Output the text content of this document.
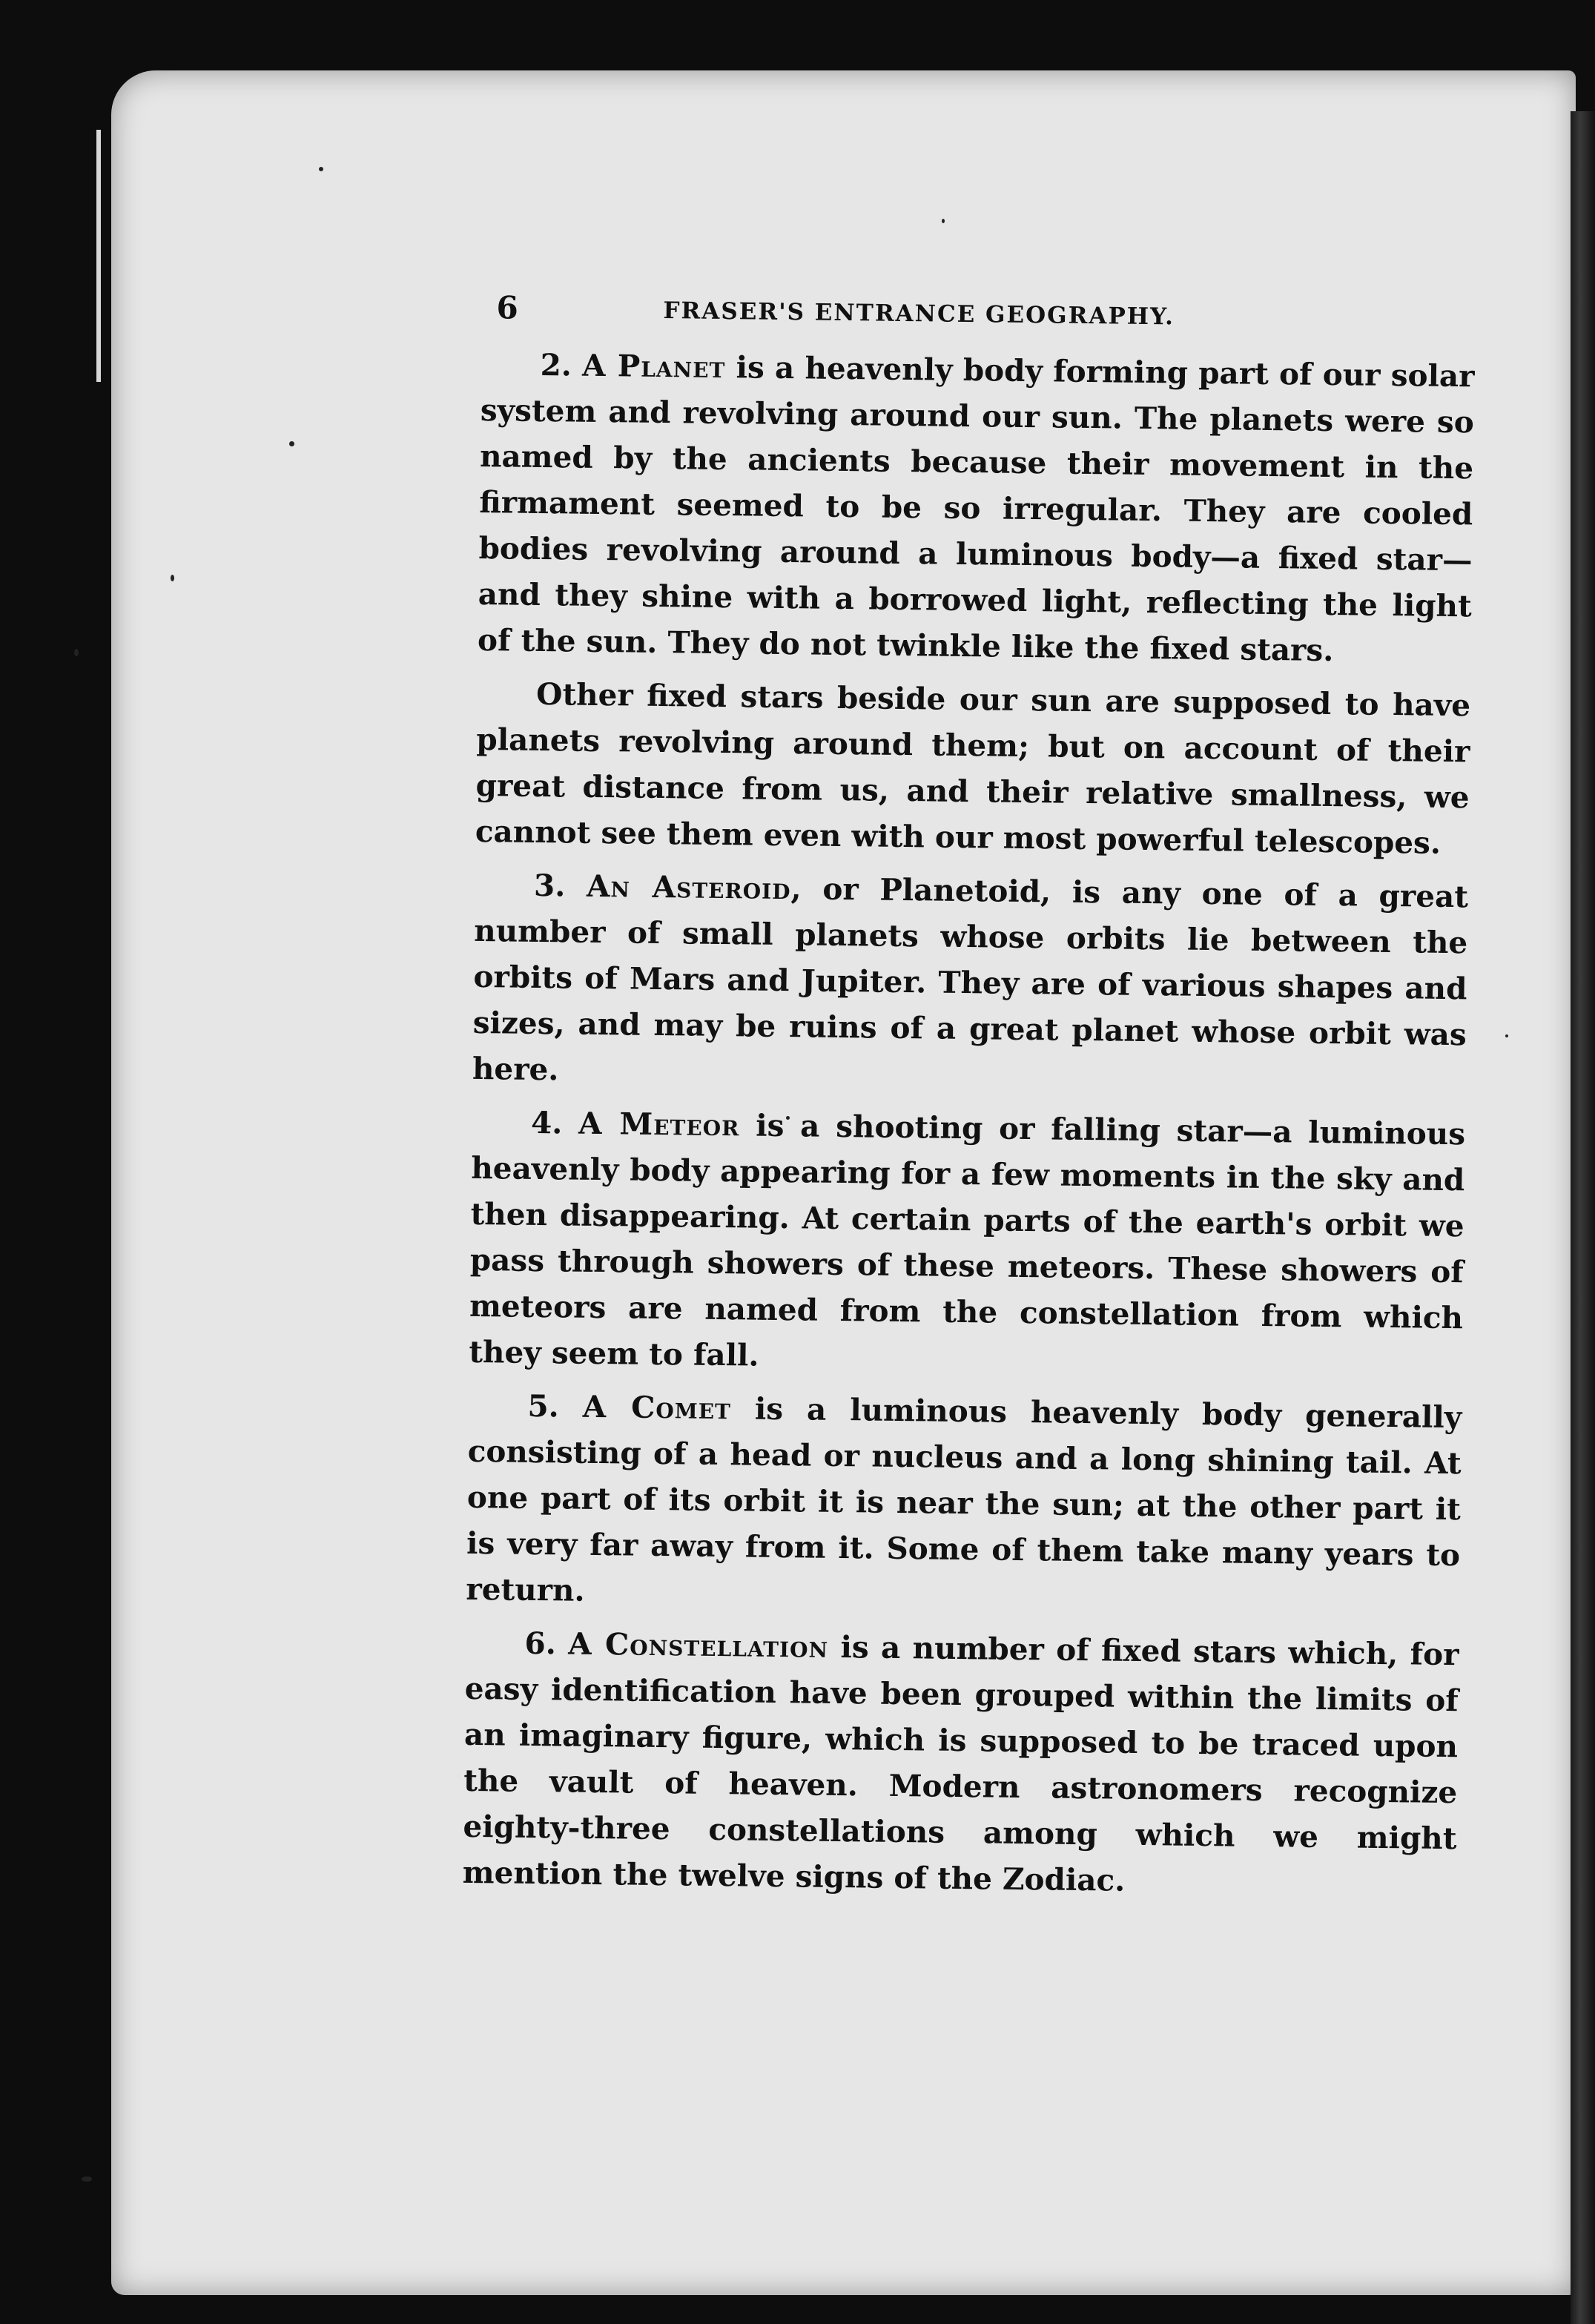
6	FRASER'S ENTRANCE GEOGRAPHY.

2. A Planet is a heavenly body forming part of our solar system and revolving around our sun. The planets were so named by the ancients because their movement in the firmament seemed to be so irregular. They are cooled bodies revolving around a luminous body—a fixed star—and they shine with a borrowed light, reflecting the light of the sun. They do not twinkle like the fixed stars.

Other fixed stars beside our sun are supposed to have planets revolving around them; but on account of their great distance from us, and their relative smallness, we cannot see them even with our most powerful telescopes.

3. An Asteroid, or Planetoid, is any one of a great number of small planets whose orbits lie between the orbits of Mars and Jupiter. They are of various shapes and sizes, and may be ruins of a great planet whose orbit was here.

4. A Meteor is a shooting or falling star—a luminous heavenly body appearing for a few moments in the sky and then disappearing. At certain parts of the earth's orbit we pass through showers of these meteors. These showers of meteors are named from the constellation from which they seem to fall.

5. A Comet is a luminous heavenly body generally consisting of a head or nucleus and a long shining tail. At one part of its orbit it is near the sun; at the other part it is very far away from it. Some of them take many years to return.

6. A Constellation is a number of fixed stars which, for easy identification have been grouped within the limits of an imaginary figure, which is supposed to be traced upon the vault of heaven. Modern astronomers recognize eighty-three constellations among which we might mention the twelve signs of the Zodiac.
